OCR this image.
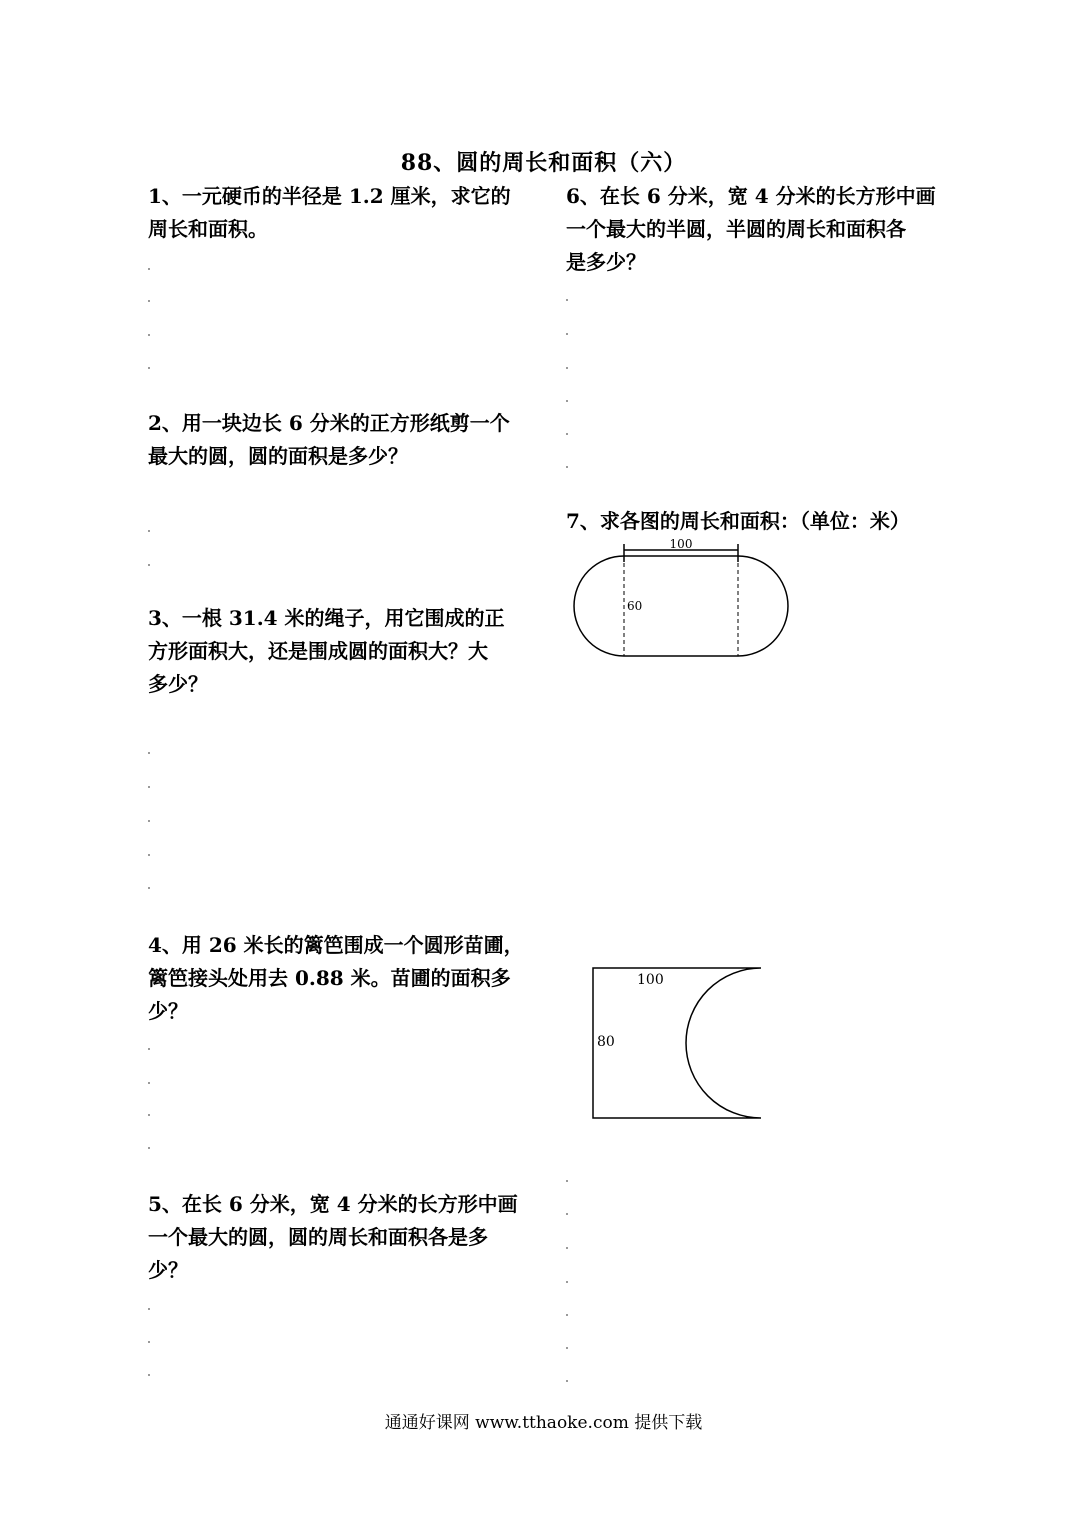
88、圆的周长和面积（六）

1、一元硬币的半径是 1.2 厘米，求它的

周长和面积。

2、用一块边长 6 分米的正方形纸剪一个

最大的圆，圆的面积是多少？

3、一根 31.4 米的绳子，用它围成的正

方形面积大，还是围成圆的面积大？大

多少？

4、用 26 米长的篱笆围成一个圆形苗圃，

篱笆接头处用去 0.88 米。苗圃的面积多

少？

5、在长 6 分米，宽 4 分米的长方形中画

一个最大的圆，圆的周长和面积各是多

少？

6、在长 6 分米，宽 4 分米的长方形中画

一个最大的半圆，半圆的周长和面积各

是多少？

7、求各图的周长和面积：（单位：米）

100
60
100
80
通通好课网 www.tthaoke.com 提供下载
